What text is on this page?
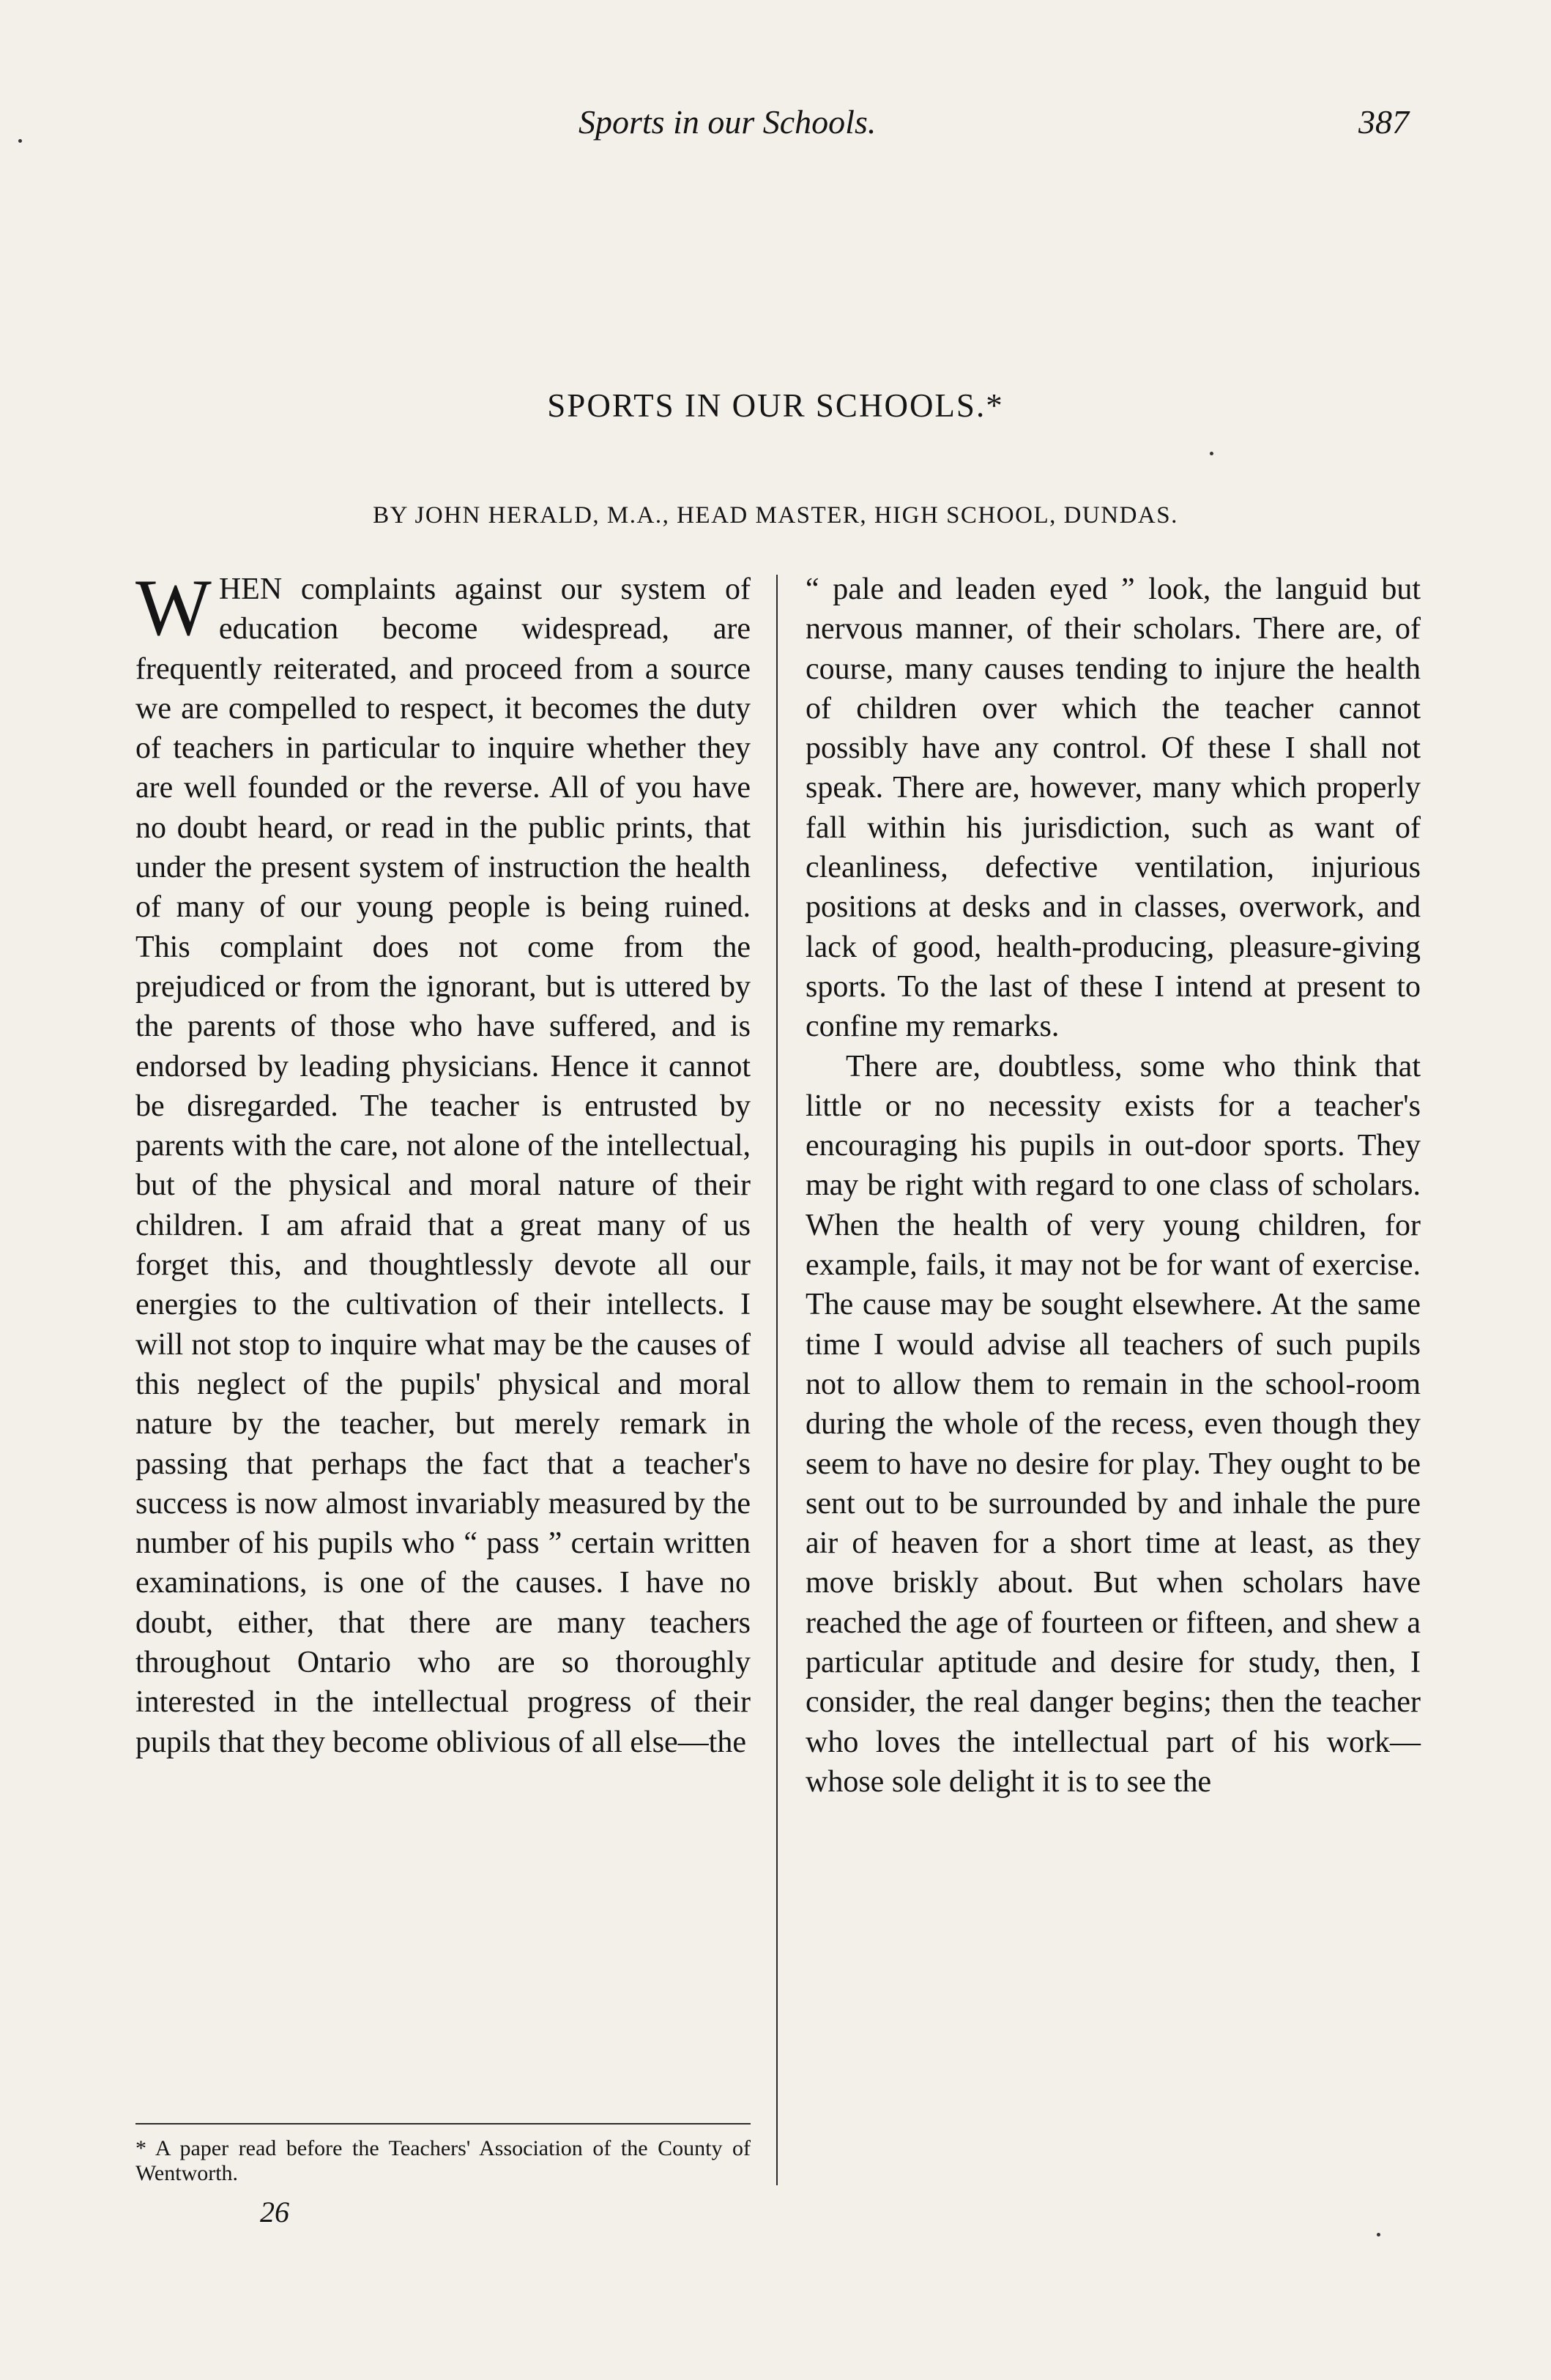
Sports in our Schools.	387
SPORTS IN OUR SCHOOLS.*
BY JOHN HERALD, M.A., HEAD MASTER, HIGH SCHOOL, DUNDAS.

W HEN complaints against our system of education become widespread, are frequently reiterated, and proceed from a source we are compelled to respect, it becomes the duty of teachers in particular to inquire whether they are well founded or the reverse. All of you have no doubt heard, or read in the public prints, that under the present system of instruction the health of many of our young people is being ruined. This complaint does not come from the prejudiced or from the ignorant, but is uttered by the parents of those who have suffered, and is endorsed by leading physicians. Hence it cannot be disregarded. The teacher is entrusted by parents with the care, not alone of the intellectual, but of the physical and moral nature of their children. I am afraid that a great many of us forget this, and thoughtlessly devote all our energies to the cultivation of their intellects. I will not stop to inquire what may be the causes of this neglect of the pupils' physical and moral nature by the teacher, but merely remark in passing that perhaps the fact that a teacher's success is now almost invariably measured by the number of his pupils who “ pass ” certain written examinations, is one of the causes. I have no doubt, either, that there are many teachers throughout Ontario who are so thoroughly interested in the intellectual progress of their pupils that they become oblivious of all else—the

“ pale and leaden eyed ” look, the languid but nervous manner, of their scholars. There are, of course, many causes tending to injure the health of children over which the teacher cannot possibly have any control. Of these I shall not speak. There are, however, many which properly fall within his jurisdiction, such as want of cleanliness, defective ventilation, injurious positions at desks and in classes, overwork, and lack of good, health-producing, pleasure-giving sports. To the last of these I intend at present to confine my remarks.

There are, doubtless, some who think that little or no necessity exists for a teacher's encouraging his pupils in out-door sports. They may be right with regard to one class of scholars. When the health of very young children, for example, fails, it may not be for want of exercise. The cause may be sought elsewhere. At the same time I would advise all teachers of such pupils not to allow them to remain in the school-room during the whole of the recess, even though they seem to have no desire for play. They ought to be sent out to be surrounded by and inhale the pure air of heaven for a short time at least, as they move briskly about. But when scholars have reached the age of fourteen or fifteen, and shew a particular aptitude and desire for study, then, I consider, the real danger begins; then the teacher who loves the intellectual part of his work—whose sole delight it is to see the

* A paper read before the Teachers' Association of the County of Wentworth.
26
